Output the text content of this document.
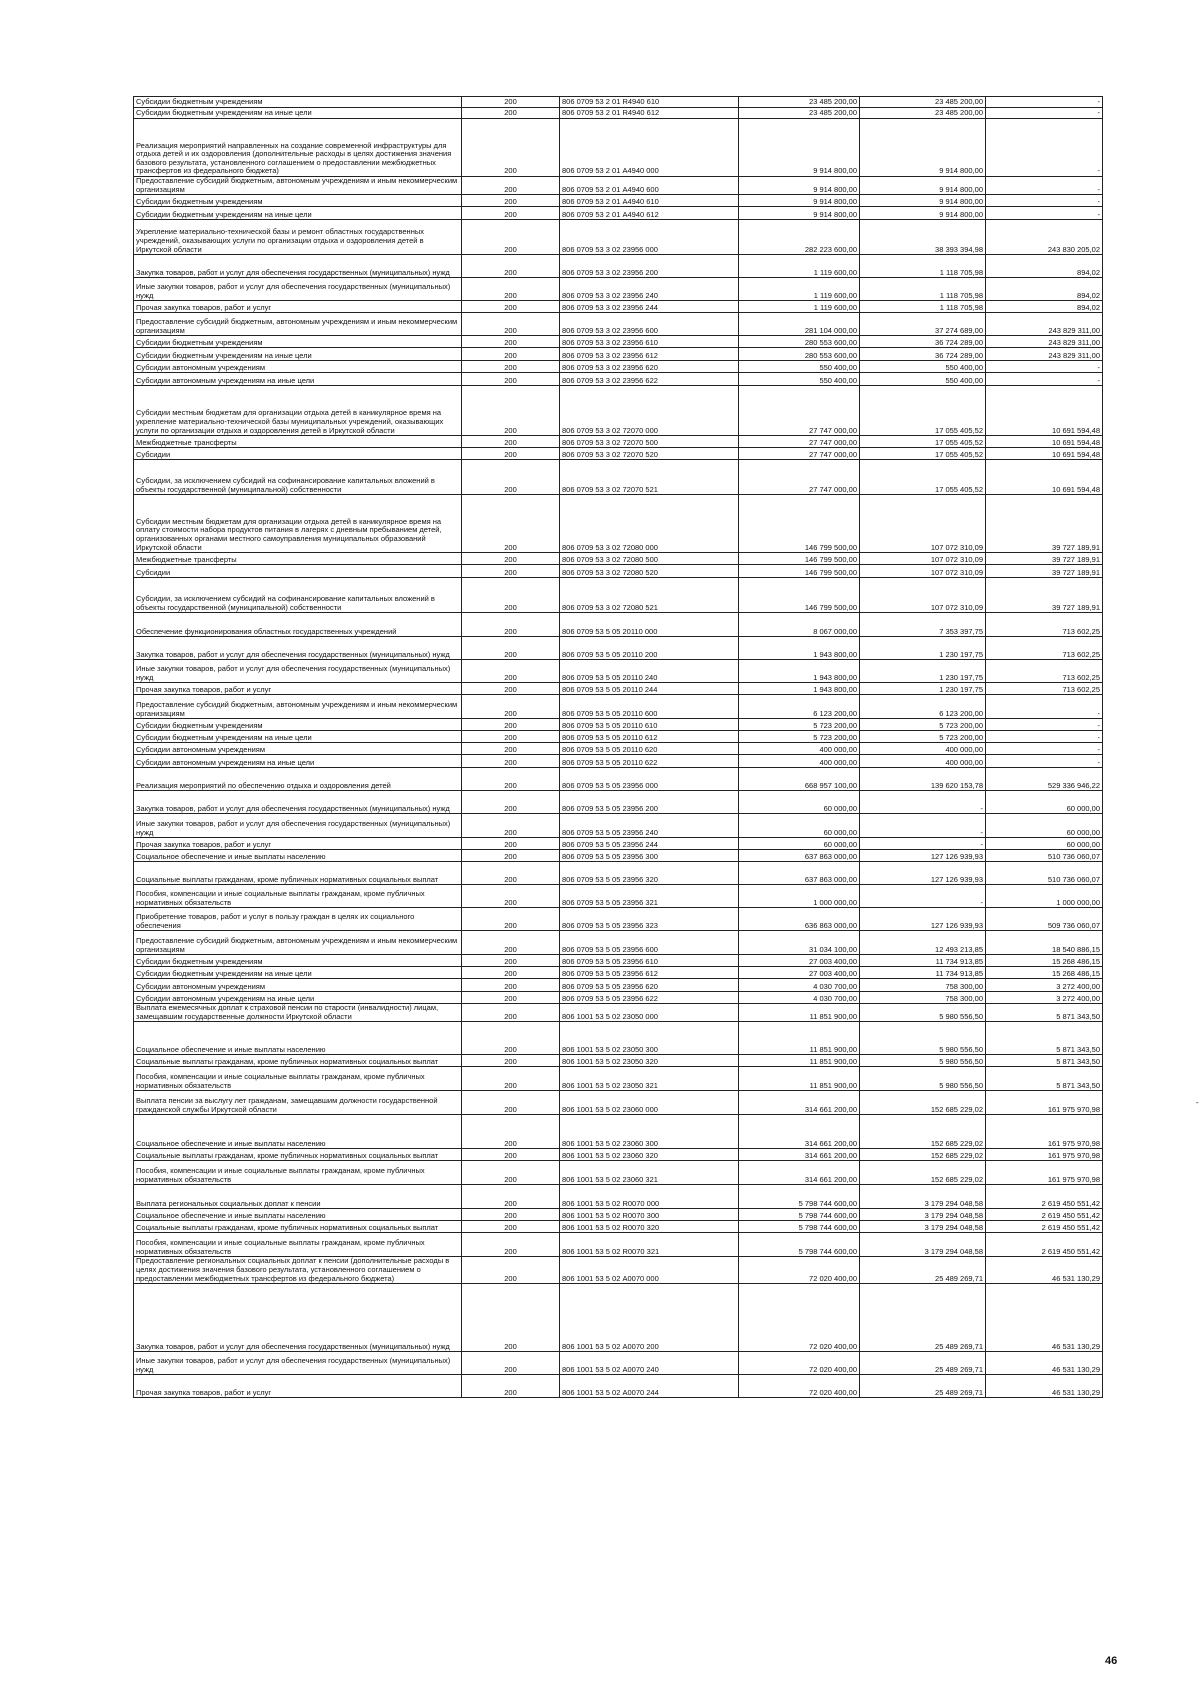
Субсидии бюджетным учреждениям	200	806 0709 53 2 01 R4940 610	23 485 200,00	23 485 200,00	-
Субсидии бюджетным учреждениям на иные цели	200	806 0709 53 2 01 R4940 612	23 485 200,00	23 485 200,00	-
Реализация мероприятий направленных на создание современной инфраструктуры для отдыха детей и их оздоровления (дополнительные расходы в целях достижения значения базового результата, установленного соглашением о предоставлении межбюджетных трансфертов из федерального бюджета)	200	806 0709 53 2 01 А4940 000	9 914 800,00	9 914 800,00	-
Предоставление субсидий бюджетным, автономным учреждениям и иным некоммерческим организациям	200	806 0709 53 2 01 А4940 600	9 914 800,00	9 914 800,00	-
Субсидии бюджетным учреждениям	200	806 0709 53 2 01 А4940 610	9 914 800,00	9 914 800,00	-
Субсидии бюджетным учреждениям на иные цели	200	806 0709 53 2 01 А4940 612	9 914 800,00	9 914 800,00	-
Укрепление материально-технической базы и ремонт областных государственных учреждений, оказывающих услуги по организации отдыха и оздоровления детей в Иркутской области	200	806 0709 53 3 02 23956 000	282 223 600,00	38 393 394,98	243 830 205,02
Закупка товаров, работ и услуг для обеспечения государственных (муниципальных) нужд	200	806 0709 53 3 02 23956 200	1 119 600,00	1 118 705,98	894,02
Иные закупки товаров, работ и услуг для обеспечения государственных (муниципальных) нужд	200	806 0709 53 3 02 23956 240	1 119 600,00	1 118 705,98	894,02
Прочая закупка товаров, работ и услуг	200	806 0709 53 3 02 23956 244	1 119 600,00	1 118 705,98	894,02
Предоставление субсидий бюджетным, автономным учреждениям и иным некоммерческим организациям	200	806 0709 53 3 02 23956 600	281 104 000,00	37 274 689,00	243 829 311,00
Субсидии бюджетным учреждениям	200	806 0709 53 3 02 23956 610	280 553 600,00	36 724 289,00	243 829 311,00
Субсидии бюджетным учреждениям на иные цели	200	806 0709 53 3 02 23956 612	280 553 600,00	36 724 289,00	243 829 311,00
Субсидии автономным учреждениям	200	806 0709 53 3 02 23956 620	550 400,00	550 400,00	-
Субсидии автономным учреждениям на иные цели	200	806 0709 53 3 02 23956 622	550 400,00	550 400,00	-
Субсидии местным бюджетам для организации отдыха детей в каникулярное время на укрепление материально-технической базы муниципальных учреждений, оказывающих услуги по организации отдыха и оздоровления детей в Иркутской области	200	806 0709 53 3 02 72070 000	27 747 000,00	17 055 405,52	10 691 594,48
Межбюджетные трансферты	200	806 0709 53 3 02 72070 500	27 747 000,00	17 055 405,52	10 691 594,48
Субсидии	200	806 0709 53 3 02 72070 520	27 747 000,00	17 055 405,52	10 691 594,48
Субсидии, за исключением субсидий на софинансирование капитальных вложений в объекты государственной (муниципальной) собственности	200	806 0709 53 3 02 72070 521	27 747 000,00	17 055 405,52	10 691 594,48
Субсидии местным бюджетам для организации отдыха детей в каникулярное время на оплату стоимости набора продуктов питания в лагерях с дневным пребыванием детей, организованных органами местного самоуправления муниципальных образований Иркутской области	200	806 0709 53 3 02 72080 000	146 799 500,00	107 072 310,09	39 727 189,91
Межбюджетные трансферты	200	806 0709 53 3 02 72080 500	146 799 500,00	107 072 310,09	39 727 189,91
Субсидии	200	806 0709 53 3 02 72080 520	146 799 500,00	107 072 310,09	39 727 189,91
Субсидии, за исключением субсидий на софинансирование капитальных вложений в объекты государственной (муниципальной) собственности	200	806 0709 53 3 02 72080 521	146 799 500,00	107 072 310,09	39 727 189,91
Обеспечение функционирования областных государственных учреждений	200	806 0709 53 5 05 20110 000	8 067 000,00	7 353 397,75	713 602,25
Закупка товаров, работ и услуг для обеспечения государственных (муниципальных) нужд	200	806 0709 53 5 05 20110 200	1 943 800,00	1 230 197,75	713 602,25
Иные закупки товаров, работ и услуг для обеспечения государственных (муниципальных) нужд	200	806 0709 53 5 05 20110 240	1 943 800,00	1 230 197,75	713 602,25
Прочая закупка товаров, работ и услуг	200	806 0709 53 5 05 20110 244	1 943 800,00	1 230 197,75	713 602,25
Предоставление субсидий бюджетным, автономным учреждениям и иным некоммерческим организациям	200	806 0709 53 5 05 20110 600	6 123 200,00	6 123 200,00	-
Субсидии бюджетным учреждениям	200	806 0709 53 5 05 20110 610	5 723 200,00	5 723 200,00	-
Субсидии бюджетным учреждениям на иные цели	200	806 0709 53 5 05 20110 612	5 723 200,00	5 723 200,00	-
Субсидии автономным учреждениям	200	806 0709 53 5 05 20110 620	400 000,00	400 000,00	-
Субсидии автономным учреждениям на иные цели	200	806 0709 53 5 05 20110 622	400 000,00	400 000,00	-
Реализация мероприятий по обеспечению отдыха и оздоровления детей	200	806 0709 53 5 05 23956 000	668 957 100,00	139 620 153,78	529 336 946,22
Закупка товаров, работ и услуг для обеспечения государственных (муниципальных) нужд	200	806 0709 53 5 05 23956 200	60 000,00	-	60 000,00
Иные закупки товаров, работ и услуг для обеспечения государственных (муниципальных) нужд	200	806 0709 53 5 05 23956 240	60 000,00	-	60 000,00
Прочая закупка товаров, работ и услуг	200	806 0709 53 5 05 23956 244	60 000,00	-	60 000,00
Социальное обеспечение и иные выплаты населению	200	806 0709 53 5 05 23956 300	637 863 000,00	127 126 939,93	510 736 060,07
Социальные выплаты гражданам, кроме публичных нормативных социальных выплат	200	806 0709 53 5 05 23956 320	637 863 000,00	127 126 939,93	510 736 060,07
Пособия, компенсации и иные социальные выплаты гражданам, кроме публичных нормативных обязательств	200	806 0709 53 5 05 23956 321	1 000 000,00	-	1 000 000,00
Приобретение товаров, работ и услуг в пользу граждан в целях их социального обеспечения	200	806 0709 53 5 05 23956 323	636 863 000,00	127 126 939,93	509 736 060,07
Предоставление субсидий бюджетным, автономным учреждениям и иным некоммерческим организациям	200	806 0709 53 5 05 23956 600	31 034 100,00	12 493 213,85	18 540 886,15
Субсидии бюджетным учреждениям	200	806 0709 53 5 05 23956 610	27 003 400,00	11 734 913,85	15 268 486,15
Субсидии бюджетным учреждениям на иные цели	200	806 0709 53 5 05 23956 612	27 003 400,00	11 734 913,85	15 268 486,15
Субсидии автономным учреждениям	200	806 0709 53 5 05 23956 620	4 030 700,00	758 300,00	3 272 400,00
Субсидии автономным учреждениям на иные цели	200	806 0709 53 5 05 23956 622	4 030 700,00	758 300,00	3 272 400,00
Выплата ежемесячных доплат к страховой пенсии по старости (инвалидности) лицам, замещавшим государственные должности Иркутской области	200	806 1001 53 5 02 23050 000	11 851 900,00	5 980 556,50	5 871 343,50
Социальное обеспечение и иные выплаты населению	200	806 1001 53 5 02 23050 300	11 851 900,00	5 980 556,50	5 871 343,50
Социальные выплаты гражданам, кроме публичных нормативных социальных выплат	200	806 1001 53 5 02 23050 320	11 851 900,00	5 980 556,50	5 871 343,50
Пособия, компенсации и иные социальные выплаты гражданам, кроме публичных нормативных обязательств	200	806 1001 53 5 02 23050 321	11 851 900,00	5 980 556,50	5 871 343,50
Выплата пенсии за выслугу лет гражданам, замещавшим должности государственной гражданской службы Иркутской области	200	806 1001 53 5 02 23060 000	314 661 200,00	152 685 229,02	161 975 970,98
Социальное обеспечение и иные выплаты населению	200	806 1001 53 5 02 23060 300	314 661 200,00	152 685 229,02	161 975 970,98
Социальные выплаты гражданам, кроме публичных нормативных социальных выплат	200	806 1001 53 5 02 23060 320	314 661 200,00	152 685 229,02	161 975 970,98
Пособия, компенсации и иные социальные выплаты гражданам, кроме публичных нормативных обязательств	200	806 1001 53 5 02 23060 321	314 661 200,00	152 685 229,02	161 975 970,98
Выплата региональных социальных доплат к пенсии	200	806 1001 53 5 02 R0070 000	5 798 744 600,00	3 179 294 048,58	2 619 450 551,42
Социальное обеспечение и иные выплаты населению	200	806 1001 53 5 02 R0070 300	5 798 744 600,00	3 179 294 048,58	2 619 450 551,42
Социальные выплаты гражданам, кроме публичных нормативных социальных выплат	200	806 1001 53 5 02 R0070 320	5 798 744 600,00	3 179 294 048,58	2 619 450 551,42
Пособия, компенсации и иные социальные выплаты гражданам, кроме публичных нормативных обязательств	200	806 1001 53 5 02 R0070 321	5 798 744 600,00	3 179 294 048,58	2 619 450 551,42
Предоставление региональных социальных доплат к пенсии (дополнительные расходы в целях достижения значения базового результата, установленного соглашением о предоставлении межбюджетных трансфертов из федерального бюджета)	200	806 1001 53 5 02 А0070 000	72 020 400,00	25 489 269,71	46 531 130,29
Закупка товаров, работ и услуг для обеспечения государственных (муниципальных) нужд	200	806 1001 53 5 02 А0070 200	72 020 400,00	25 489 269,71	46 531 130,29
Иные закупки товаров, работ и услуг для обеспечения государственных (муниципальных) нужд	200	806 1001 53 5 02 А0070 240	72 020 400,00	25 489 269,71	46 531 130,29
Прочая закупка товаров, работ и услуг	200	806 1001 53 5 02 А0070 244	72 020 400,00	25 489 269,71	46 531 130,29
-
46
